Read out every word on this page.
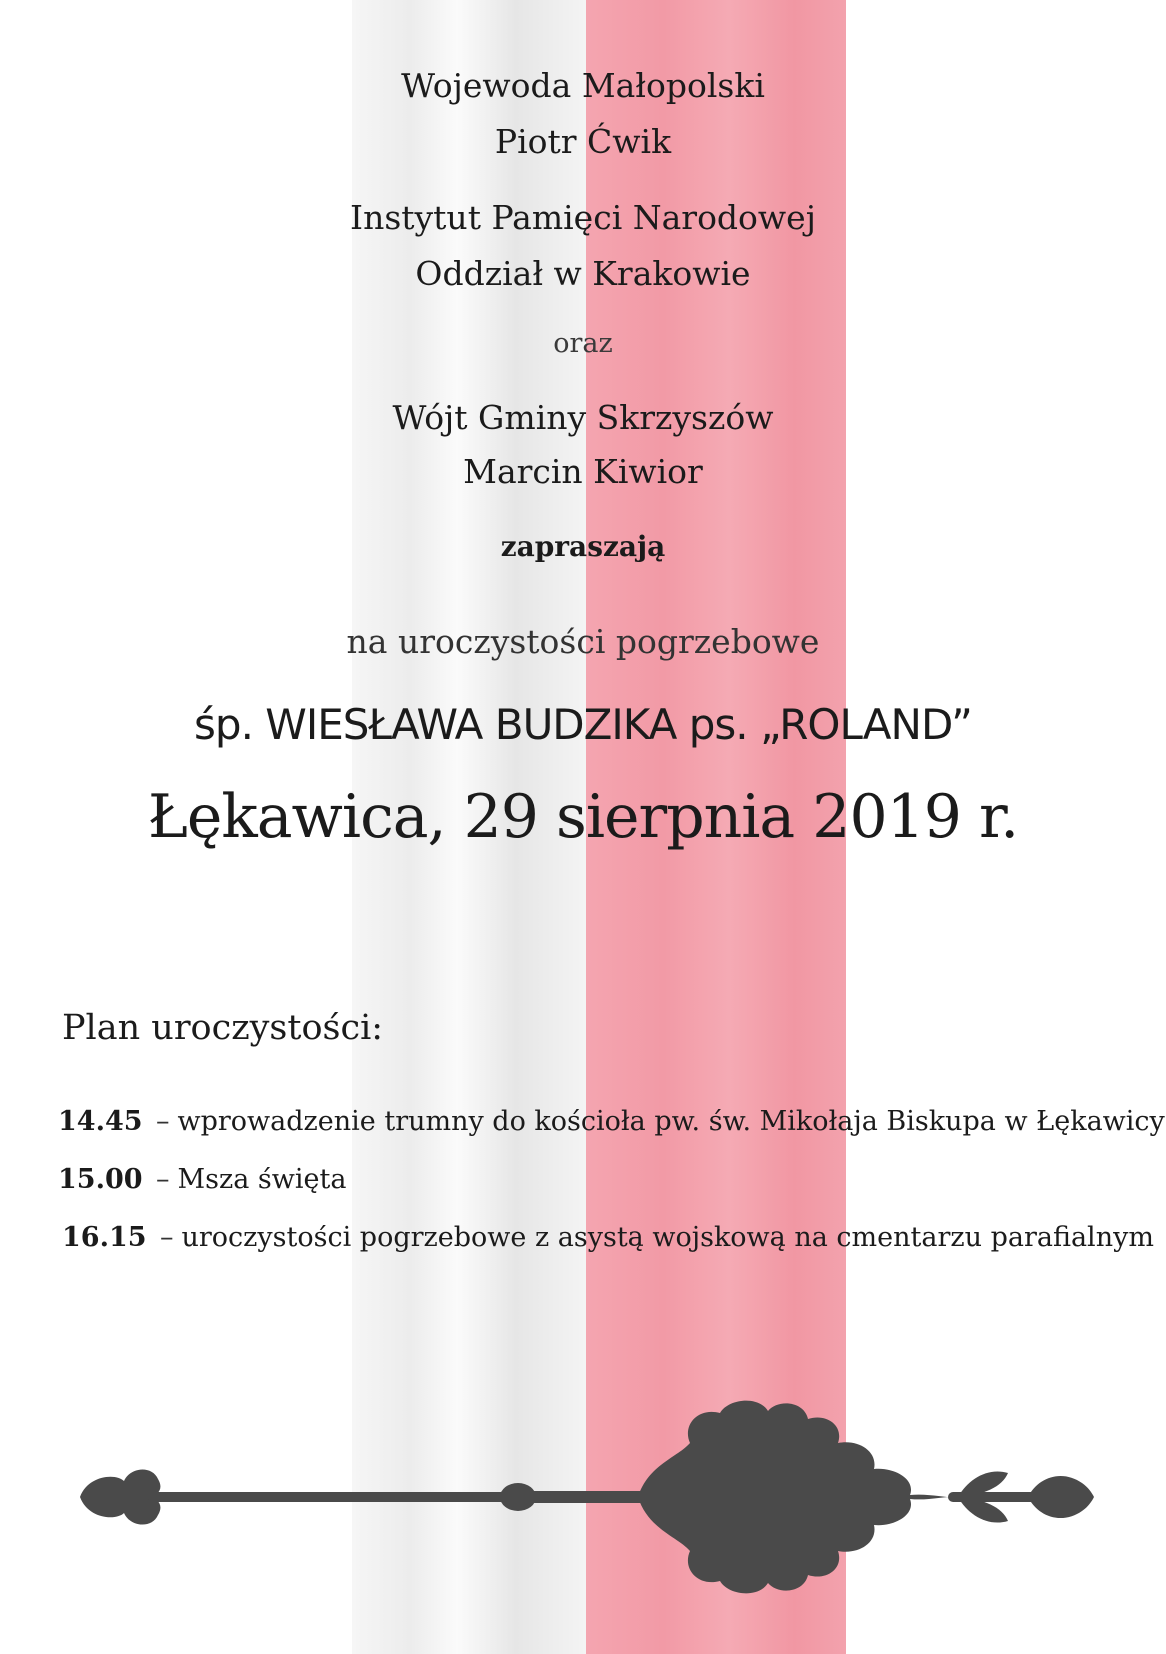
Wojewoda Małopolski
Piotr Ćwik
Instytut Pamięci Narodowej
Oddział w Krakowie
oraz
Wójt Gminy Skrzyszów
Marcin Kiwior
zapraszają
na uroczystości pogrzebowe
śp. WIESŁAWA BUDZIKA ps. „ROLAND”
Łękawica, 29 sierpnia 2019 r.
Plan uroczystości:
14.45 – wprowadzenie trumny do kościoła pw. św. Mikołaja Biskupa w Łękawicy
15.00 – Msza święta
16.15 – uroczystości pogrzebowe z asystą wojskową na cmentarzu parafialnym
